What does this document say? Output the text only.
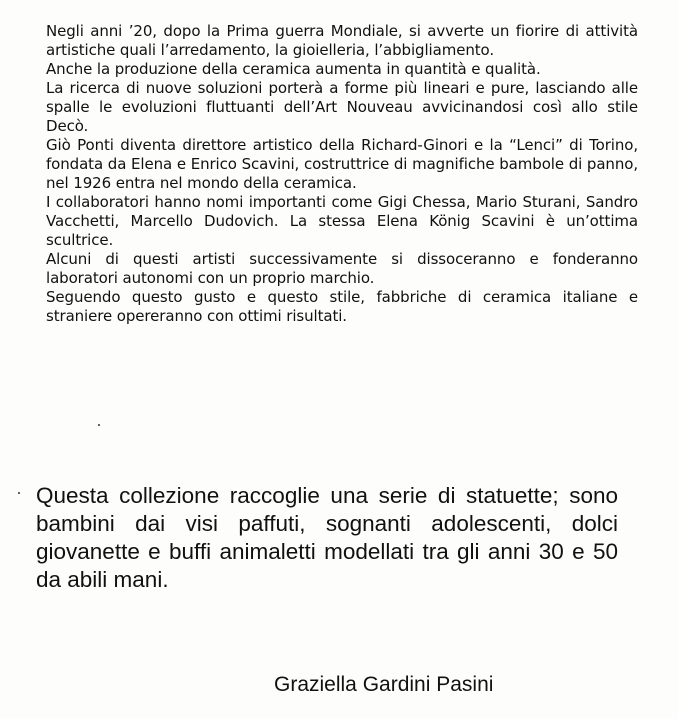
Negli anni ’20, dopo la Prima guerra Mondiale, si avverte un fiorire di attività artistiche quali l’arredamento, la gioielleria, l’abbigliamento.

Anche la produzione della ceramica aumenta in quantità e qualità.

La ricerca di nuove soluzioni porterà a forme più lineari e pure, lasciando alle spalle le evoluzioni fluttuanti dell’Art Nouveau avvicinandosi così allo stile Decò.

Giò Ponti diventa direttore artistico della Richard-Ginori e la “Lenci” di Torino, fondata da Elena e Enrico Scavini, costruttrice di magnifiche bambole di panno, nel 1926 entra nel mondo della ceramica.

I collaboratori hanno nomi importanti come Gigi Chessa, Mario Sturani, Sandro Vacchetti, Marcello Dudovich. La stessa Elena König Scavini è un’ottima scultrice.

Alcuni di questi artisti successivamente si dissoceranno e fonderanno laboratori autonomi con un proprio marchio.

Seguendo questo gusto e questo stile, fabbriche di ceramica italiane e straniere opereranno con ottimi risultati.

Questa collezione raccoglie una serie di statuette; sono bambini dai visi paffuti, sognanti adolescenti, dolci giovanette e buffi animaletti modellati tra gli anni 30 e 50 da abili mani.

Graziella Gardini Pasini
